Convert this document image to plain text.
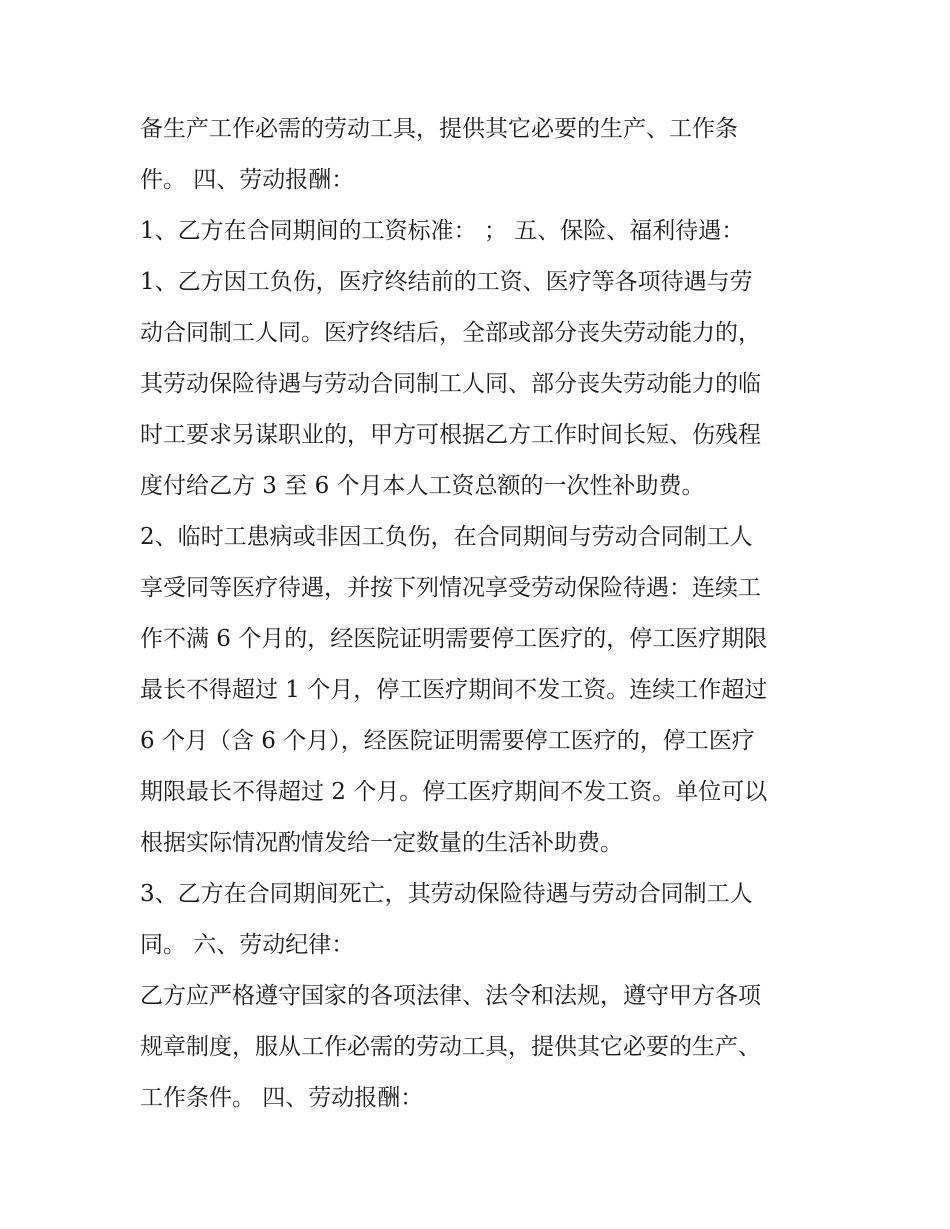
备生产工作必需的劳动工具，提供其它必要的生产、工作条
件。 四、劳动报酬：
1、乙方在合同期间的工资标准： ； 五、保险、福利待遇：
1、乙方因工负伤，医疗终结前的工资、医疗等各项待遇与劳
动合同制工人同。医疗终结后，全部或部分丧失劳动能力的，
其劳动保险待遇与劳动合同制工人同、部分丧失劳动能力的临
时工要求另谋职业的，甲方可根据乙方工作时间长短、伤残程
度付给乙方 3 至 6 个月本人工资总额的一次性补助费。
2、临时工患病或非因工负伤，在合同期间与劳动合同制工人
享受同等医疗待遇，并按下列情况享受劳动保险待遇：连续工
作不满 6 个月的，经医院证明需要停工医疗的，停工医疗期限
最长不得超过 1 个月，停工医疗期间不发工资。连续工作超过
6 个月（含 6 个月），经医院证明需要停工医疗的，停工医疗
期限最长不得超过 2 个月。停工医疗期间不发工资。单位可以
根据实际情况酌情发给一定数量的生活补助费。
3、乙方在合同期间死亡，其劳动保险待遇与劳动合同制工人
同。 六、劳动纪律：
乙方应严格遵守国家的各项法律、法令和法规，遵守甲方各项
规章制度，服从工作必需的劳动工具，提供其它必要的生产、
工作条件。 四、劳动报酬：
